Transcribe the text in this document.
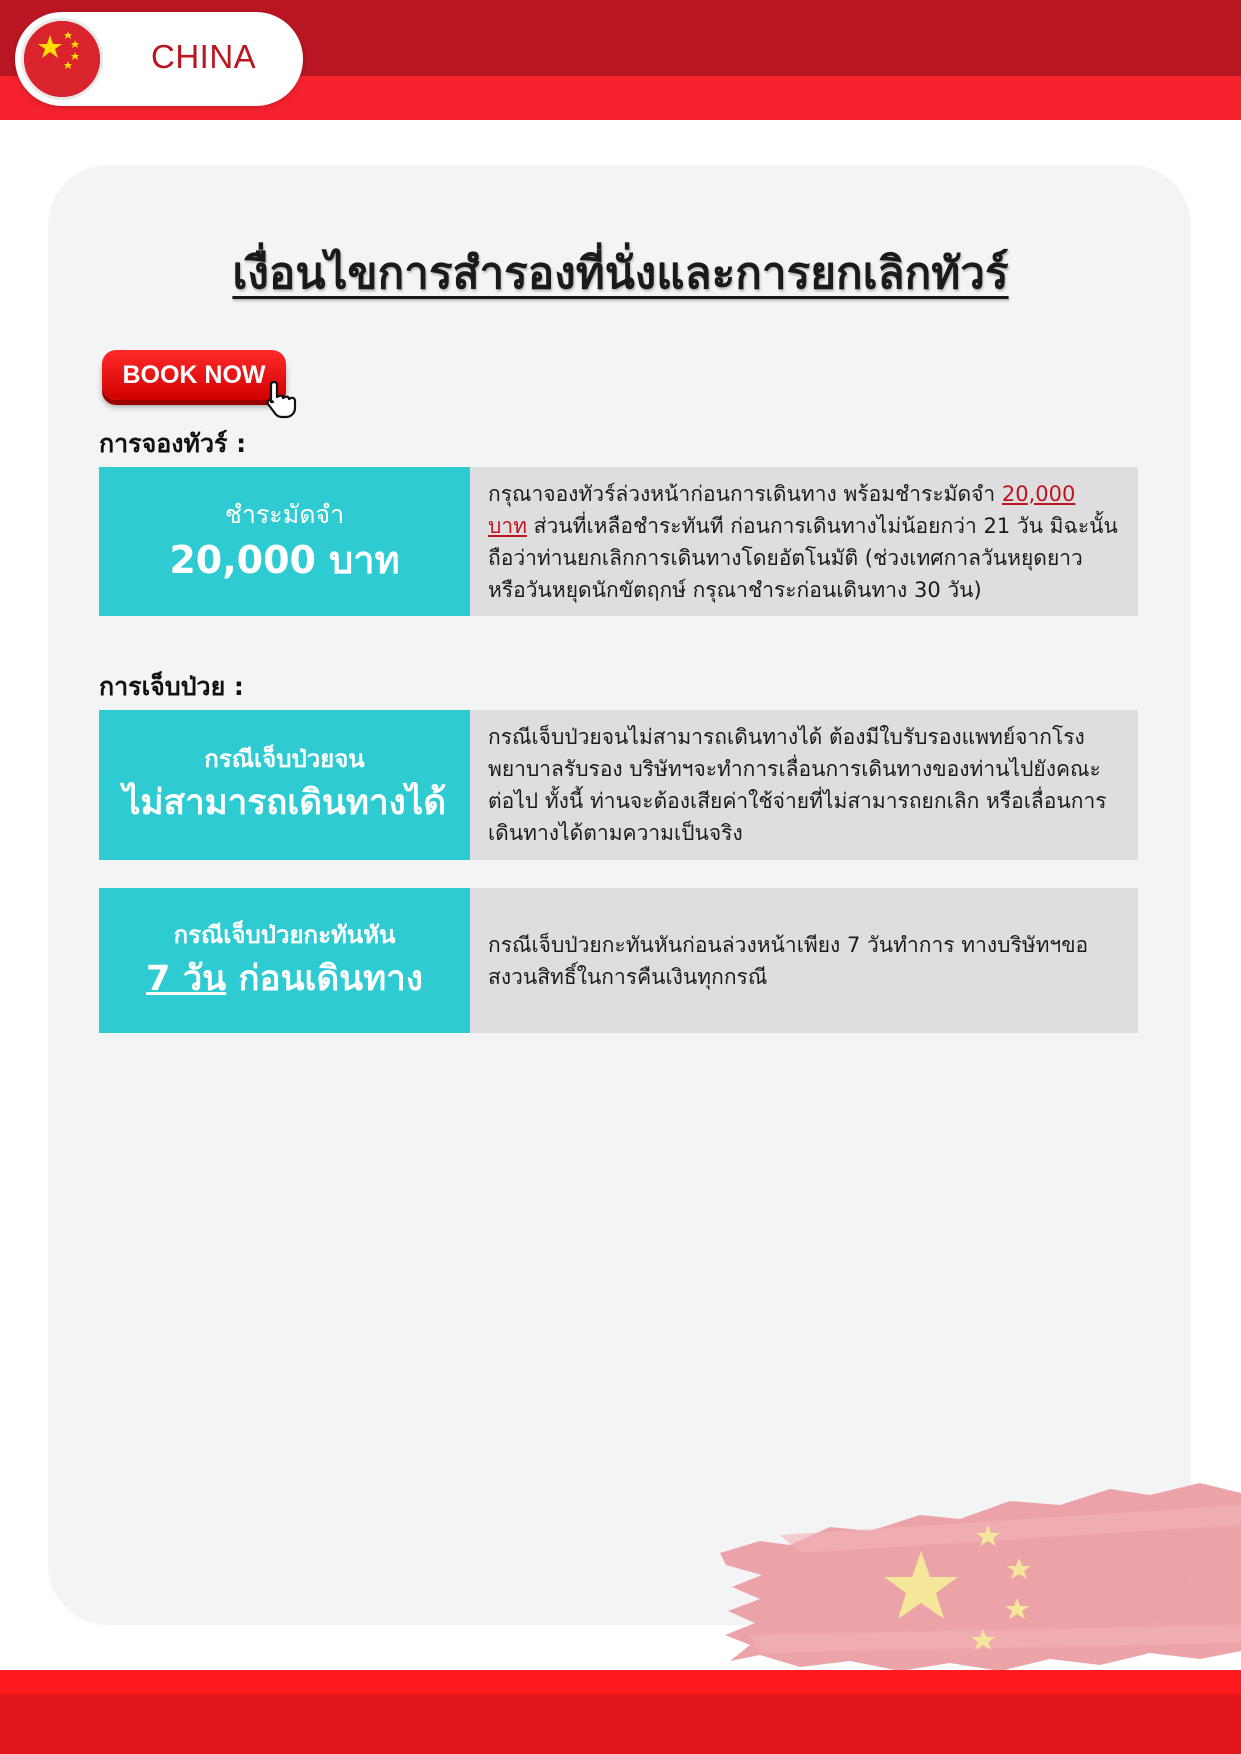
CHINA
เงื่อนไขการสำรองที่นั่งและการยกเลิกทัวร์
BOOK NOW
การจองทัวร์ :
ชำระมัดจำ
20,000 บาท

กรุณาจองทัวร์ล่วงหน้าก่อนการเดินทาง พร้อมชำระมัดจำ 20,000 บาท ส่วนที่เหลือชำระทันที ก่อนการเดินทางไม่น้อยกว่า 21 วัน มิฉะนั้น ถือว่าท่านยกเลิกการเดินทางโดยอัตโนมัติ (ช่วงเทศกาลวันหยุดยาว หรือวันหยุดนักขัตฤกษ์ กรุณาชำระก่อนเดินทาง 30 วัน)

การเจ็บป่วย :
กรณีเจ็บป่วยจน
ไม่สามารถเดินทางได้

กรณีเจ็บป่วยจนไม่สามารถเดินทางได้ ต้องมีใบรับรองแพทย์จากโรงพยาบาลรับรอง บริษัทฯจะทำการเลื่อนการเดินทางของท่านไปยังคณะต่อไป ทั้งนี้ ท่านจะต้องเสียค่าใช้จ่ายที่ไม่สามารถยกเลิก หรือเลื่อนการเดินทางได้ตามความเป็นจริง

กรณีเจ็บป่วยกะทันหัน
7 วัน ก่อนเดินทาง

กรณีเจ็บป่วยกะทันหันก่อนล่วงหน้าเพียง 7 วันทำการ ทางบริษัทฯขอสงวนสิทธิ์ในการคืนเงินทุกกรณี
